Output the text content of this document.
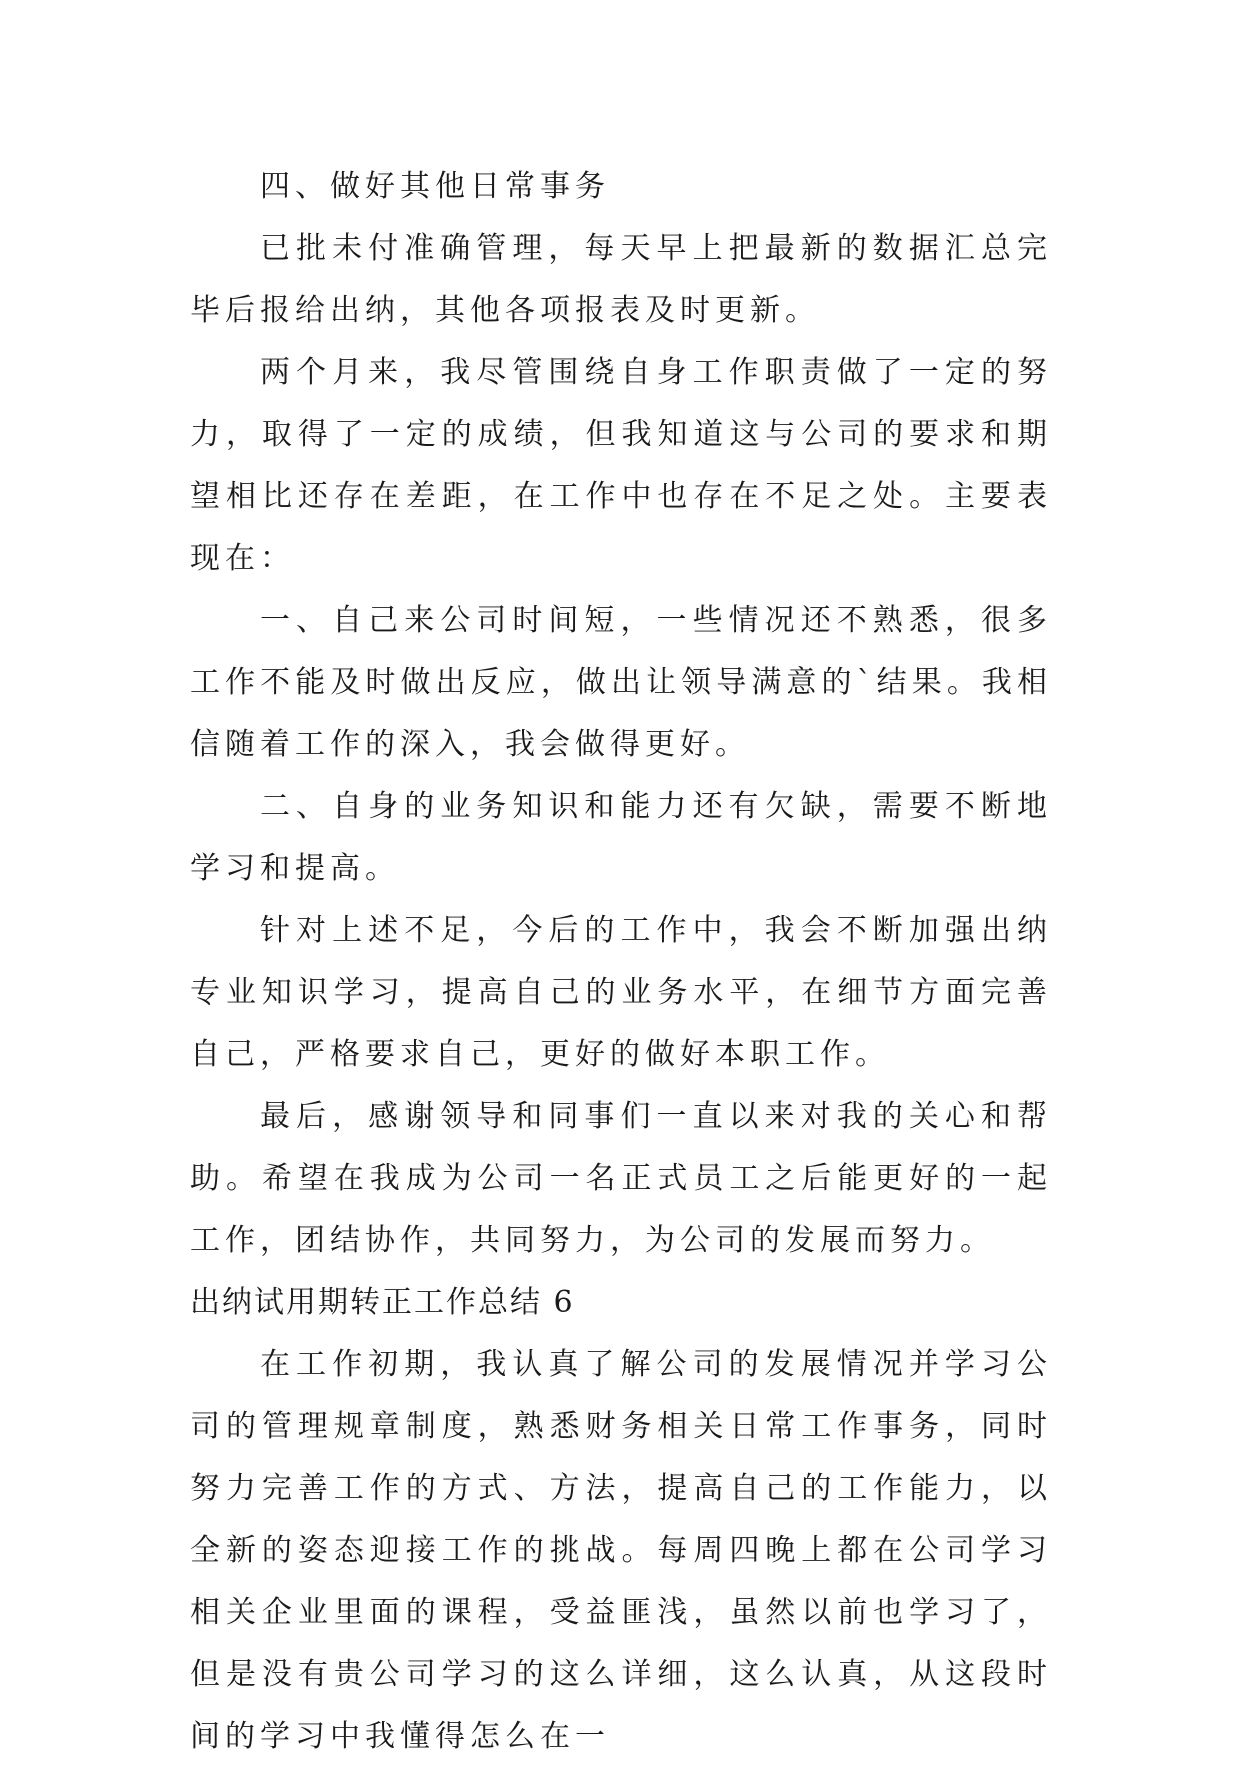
四、做好其他日常事务

已批未付准确管理，每天早上把最新的数据汇总完毕后报给出纳，其他各项报表及时更新。

两个月来，我尽管围绕自身工作职责做了一定的努力，取得了一定的成绩，但我知道这与公司的要求和期望相比还存在差距，在工作中也存在不足之处。主要表现在：

一、自己来公司时间短，一些情况还不熟悉，很多工作不能及时做出反应，做出让领导满意的`结果。我相信随着工作的深入，我会做得更好。

二、自身的业务知识和能力还有欠缺，需要不断地学习和提高。

针对上述不足，今后的工作中，我会不断加强出纳专业知识学习，提高自己的业务水平，在细节方面完善自己，严格要求自己，更好的做好本职工作。

最后，感谢领导和同事们一直以来对我的关心和帮助。希望在我成为公司一名正式员工之后能更好的一起工作，团结协作，共同努力，为公司的发展而努力。

出纳试用期转正工作总结 6

在工作初期，我认真了解公司的发展情况并学习公司的管理规章制度，熟悉财务相关日常工作事务，同时努力完善工作的方式、方法，提高自己的工作能力，以全新的姿态迎接工作的挑战。每周四晚上都在公司学习相关企业里面的课程，受益匪浅，虽然以前也学习了，但是没有贵公司学习的这么详细，这么认真，从这段时间的学习中我懂得怎么在一
